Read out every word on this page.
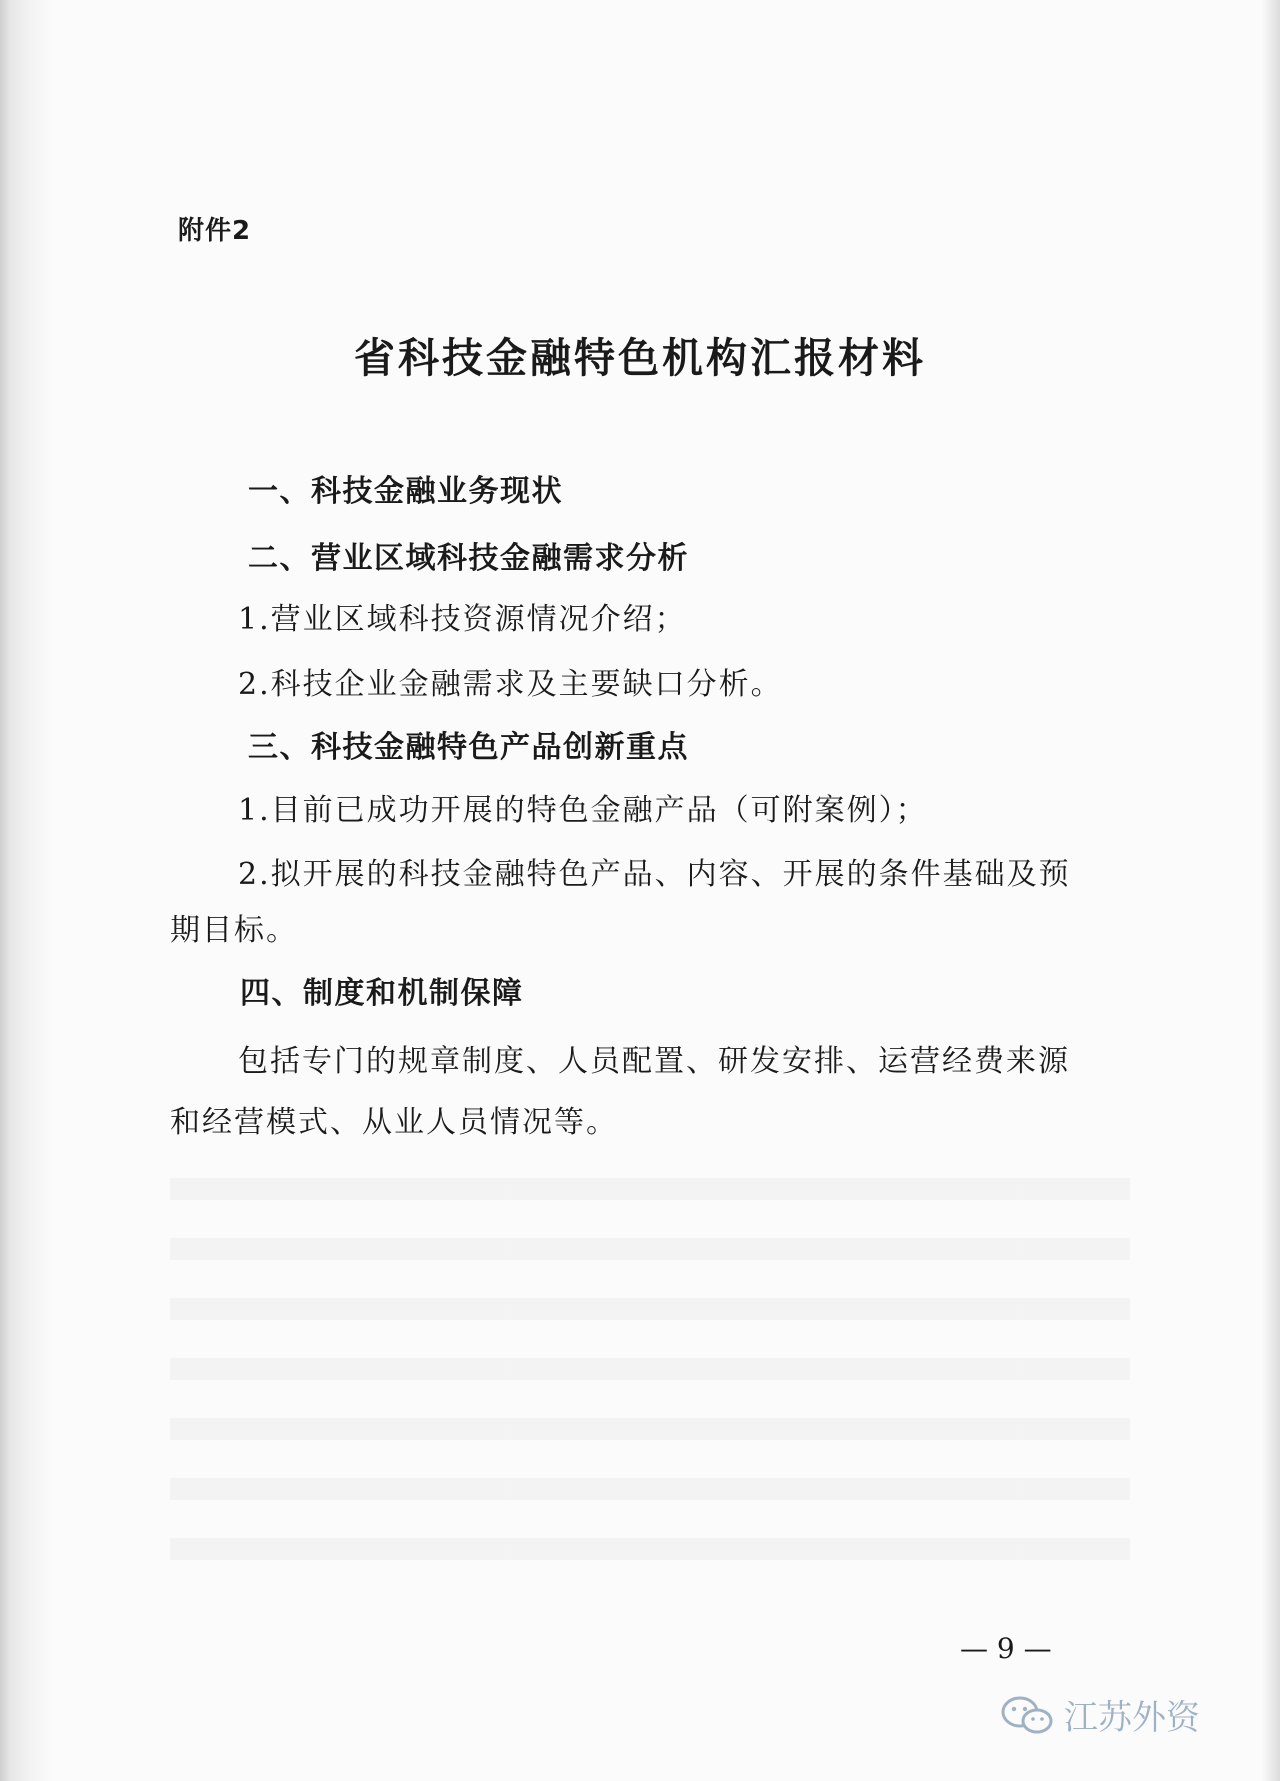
附件2
省科技金融特色机构汇报材料
一、科技金融业务现状
二、营业区域科技金融需求分析
1.营业区域科技资源情况介绍；
2.科技企业金融需求及主要缺口分析。
三、科技金融特色产品创新重点
1.目前已成功开展的特色金融产品（可附案例）；
2.拟开展的科技金融特色产品、内容、开展的条件基础及预
期目标。
四、制度和机制保障
包括专门的规章制度、人员配置、研发安排、运营经费来源
和经营模式、从业人员情况等。
— 9 —
江苏外资
